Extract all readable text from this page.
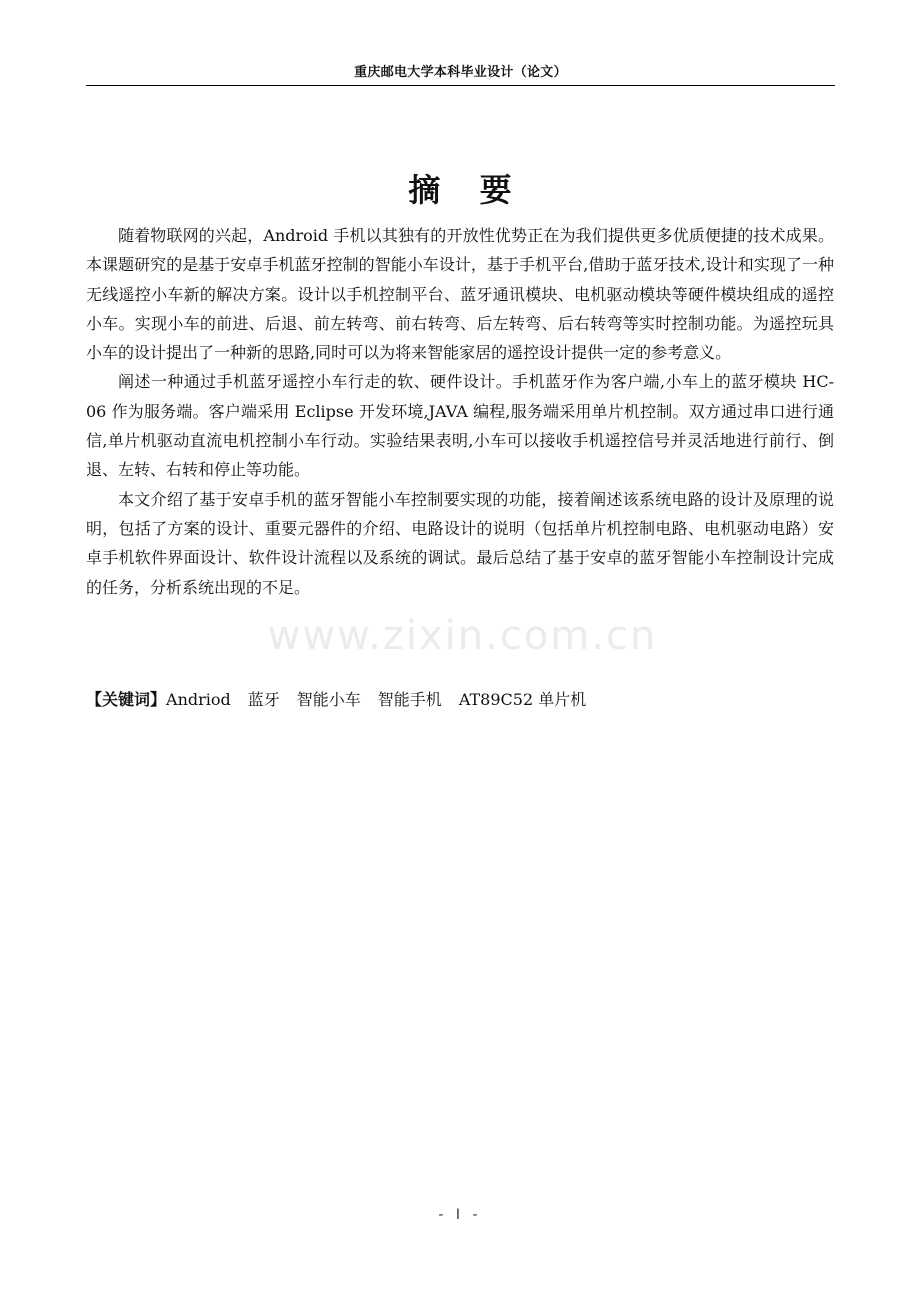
重庆邮电大学本科毕业设计（论文）
摘 要

随着物联网的兴起，Android 手机以其独有的开放性优势正在为我们提供更多优质便捷的技术成果。本课题研究的是基于安卓手机蓝牙控制的智能小车设计，基于手机平台,借助于蓝牙技术,设计和实现了一种无线遥控小车新的解决方案。设计以手机控制平台、蓝牙通讯模块、电机驱动模块等硬件模块组成的遥控小车。实现小车的前进、后退、前左转弯、前右转弯、后左转弯、后右转弯等实时控制功能。为遥控玩具小车的设计提出了一种新的思路,同时可以为将来智能家居的遥控设计提供一定的参考意义。

阐述一种通过手机蓝牙遥控小车行走的软、硬件设计。手机蓝牙作为客户端,小车上的蓝牙模块 HC-06 作为服务端。客户端采用 Eclipse 开发环境,JAVA 编程,服务端采用单片机控制。双方通过串口进行通信,单片机驱动直流电机控制小车行动。实验结果表明,小车可以接收手机遥控信号并灵活地进行前行、倒退、左转、右转和停止等功能。

本文介绍了基于安卓手机的蓝牙智能小车控制要实现的功能，接着阐述该系统电路的设计及原理的说明，包括了方案的设计、重要元器件的介绍、电路设计的说明（包括单片机控制电路、电机驱动电路）安卓手机软件界面设计、软件设计流程以及系统的调试。最后总结了基于安卓的蓝牙智能小车控制设计完成的任务，分析系统出现的不足。

www.zixin.com.cn

【关键词】Andriod 蓝牙 智能小车 智能手机 AT89C52 单片机

- I -
